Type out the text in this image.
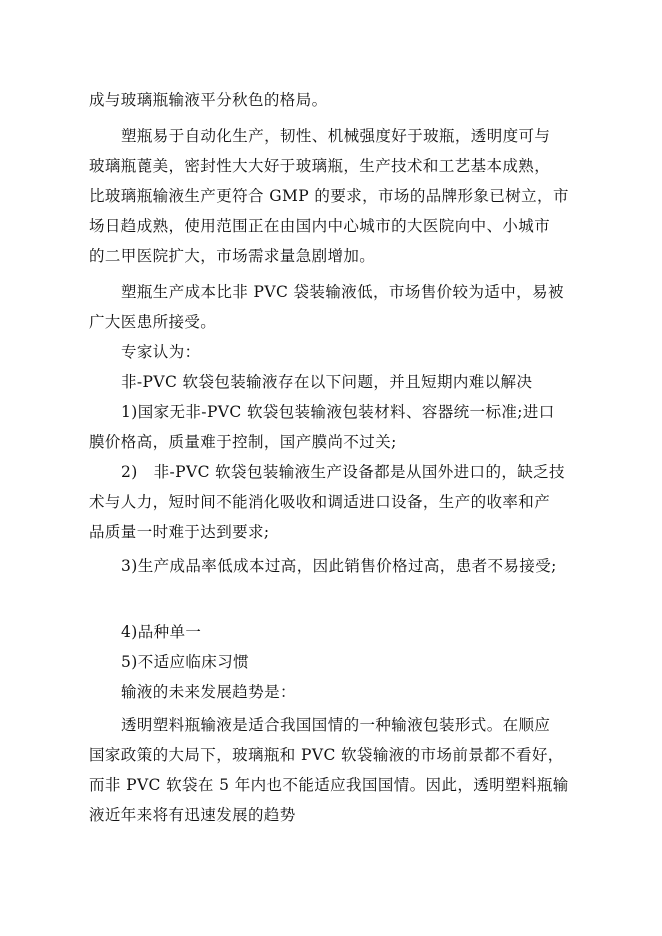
成与玻璃瓶输液平分秋色的格局。
塑瓶易于自动化生产，韧性、机械强度好于玻瓶，透明度可与
玻璃瓶蓖美，密封性大大好于玻璃瓶，生产技术和工艺基本成熟，
比玻璃瓶输液生产更符合 GMP 的要求，市场的品牌形象已树立，市
场日趋成熟，使用范围正在由国内中心城市的大医院向中、小城市
的二甲医院扩大，市场需求量急剧增加。
塑瓶生产成本比非 PVC 袋装输液低，市场售价较为适中，易被
广大医患所接受。
专家认为：
非-PVC 软袋包装输液存在以下问题，并且短期内难以解决
1)国家无非-PVC 软袋包装输液包装材料、容器统一标准;进口
膜价格高，质量难于控制，国产膜尚不过关;
2)　非-PVC 软袋包装输液生产设备都是从国外进口的，缺乏技
术与人力，短时间不能消化吸收和调适进口设备，生产的收率和产
品质量一时难于达到要求;
3)生产成品率低成本过高，因此销售价格过高，患者不易接受;
4)品种单一
5)不适应临床习惯
输液的未来发展趋势是：
透明塑料瓶输液是适合我国国情的一种输液包装形式。在顺应
国家政策的大局下，玻璃瓶和 PVC 软袋输液的市场前景都不看好，
而非 PVC 软袋在 5 年内也不能适应我国国情。因此，透明塑料瓶输
液近年来将有迅速发展的趋势
